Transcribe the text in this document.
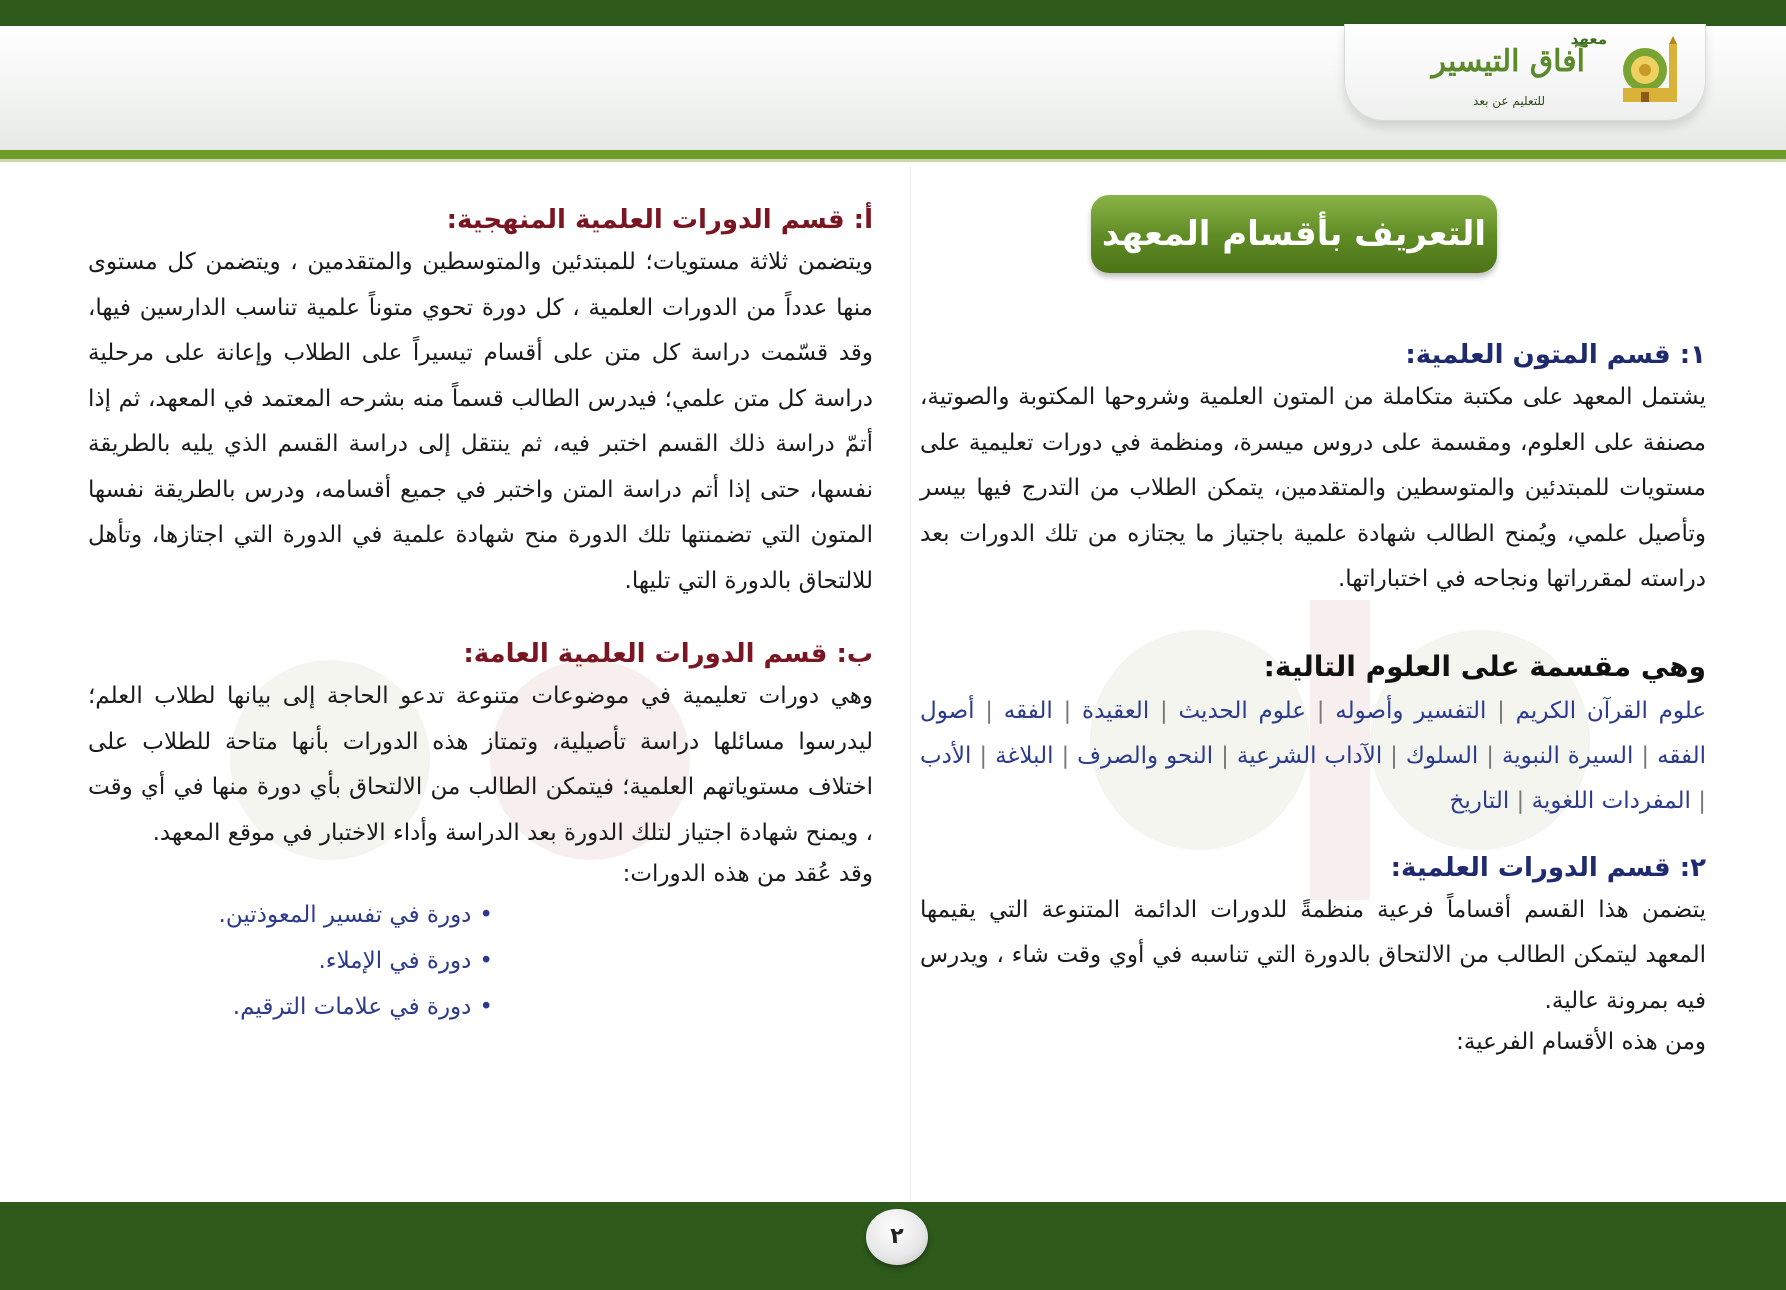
معهد
آفاق التيسير
للتعليم عن بعد
التعريف بأقسام المعهد

١: قسم المتون العلمية:

يشتمل المعهد على مكتبة متكاملة من المتون العلمية وشروحها المكتوبة والصوتية، مصنفة على العلوم، ومقسمة على دروس ميسرة، ومنظمة في دورات تعليمية على مستويات للمبتدئين والمتوسطين والمتقدمين، يتمكن الطلاب من التدرج فيها بيسر وتأصيل علمي، ويُمنح الطالب شهادة علمية باجتياز ما يجتازه من تلك الدورات بعد دراسته لمقرراتها ونجاحه في اختباراتها.

وهي مقسمة على العلوم التالية:

علوم القرآن الكريم | التفسير وأصوله | علوم الحديث | العقيدة | الفقه | أصول الفقه | السيرة النبوية | السلوك | الآداب الشرعية | النحو والصرف | البلاغة | الأدب | المفردات اللغوية | التاريخ

٢: قسم الدورات العلمية:

يتضمن هذا القسم أقساماً فرعية منظمةً للدورات الدائمة المتنوعة التي يقيمها المعهد ليتمكن الطالب من الالتحاق بالدورة التي تناسبه في أوي وقت شاء ، ويدرس فيه بمرونة عالية.

ومن هذه الأقسام الفرعية:

أ: قسم الدورات العلمية المنهجية:

ويتضمن ثلاثة مستويات؛ للمبتدئين والمتوسطين والمتقدمين ، ويتضمن كل مستوى منها عدداً من الدورات العلمية ، كل دورة تحوي متوناً علمية تناسب الدارسين فيها، وقد قسّمت دراسة كل متن على أقسام تيسيراً على الطلاب وإعانة على مرحلية دراسة كل متن علمي؛ فيدرس الطالب قسماً منه بشرحه المعتمد في المعهد، ثم إذا أتمّ دراسة ذلك القسم اختبر فيه، ثم ينتقل إلى دراسة القسم الذي يليه بالطريقة نفسها، حتى إذا أتم دراسة المتن واختبر في جميع أقسامه، ودرس بالطريقة نفسها المتون التي تضمنتها تلك الدورة منح شهادة علمية في الدورة التي اجتازها، وتأهل للالتحاق بالدورة التي تليها.

ب: قسم الدورات العلمية العامة:

وهي دورات تعليمية في موضوعات متنوعة تدعو الحاجة إلى بيانها لطلاب العلم؛ ليدرسوا مسائلها دراسة تأصيلية، وتمتاز هذه الدورات بأنها متاحة للطلاب على اختلاف مستوياتهم العلمية؛ فيتمكن الطالب من الالتحاق بأي دورة منها في أي وقت ، ويمنح شهادة اجتياز لتلك الدورة بعد الدراسة وأداء الاختبار في موقع المعهد.

وقد عُقد من هذه الدورات:

•دورة في تفسير المعوذتين.
•دورة في الإملاء.
•دورة في علامات الترقيم.
٢
